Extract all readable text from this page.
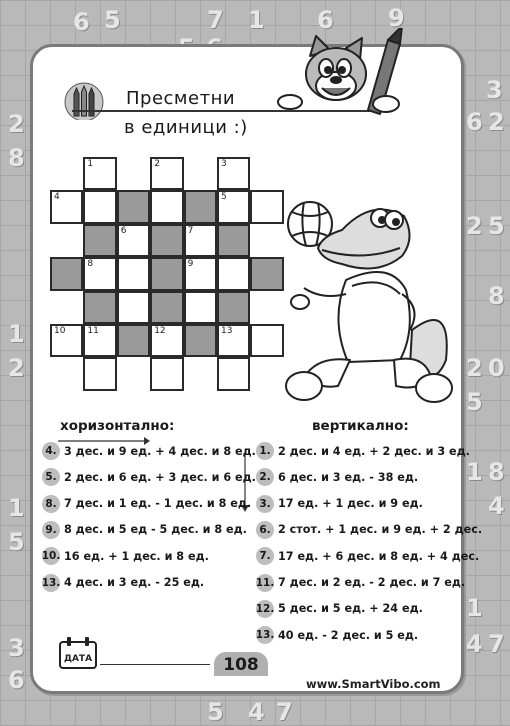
6 5	7 1 6 9
3
2	6 2
8
2 5
8
1
2	2 0
5
1 8
1	4
5
1
3	4 7
6
5 4 7
Пресметни
в единици :)
1	2	3
4	5
6	7
8	9
10 11	12	13
хоризонтално:	вертикално:
4. 3 дес. и 9 ед. + 4 дес. и 8 ед.
5. 2 дес. и 6 ед. + 3 дес. и 6 ед.
8. 7 дес. и 1 ед. - 1 дес. и 8 ед.
9. 8 дес. и 5 ед - 5 дес. и 8 ед.
10. 16 ед. + 1 дес. и 8 ед.
13. 4 дес. и 3 ед. - 25 ед.
1. 2 дес. и 4 ед. + 2 дес. и 3 ед.
2. 6 дес. и 3 ед. - 38 ед.
3. 17 ед. + 1 дес. и 9 ед.
6. 2 стот. + 1 дес. и 9 ед. + 2 дес.
7. 17 ед. + 6 дес. и 8 ед. + 4 дес.
11. 7 дес. и 2 ед. - 2 дес. и 7 ед.
12. 5 дес. и 5 ед. + 24 ед.
13. 40 ед. - 2 дес. и 5 ед.
ДАТА	108
www.SmartVibo.com
